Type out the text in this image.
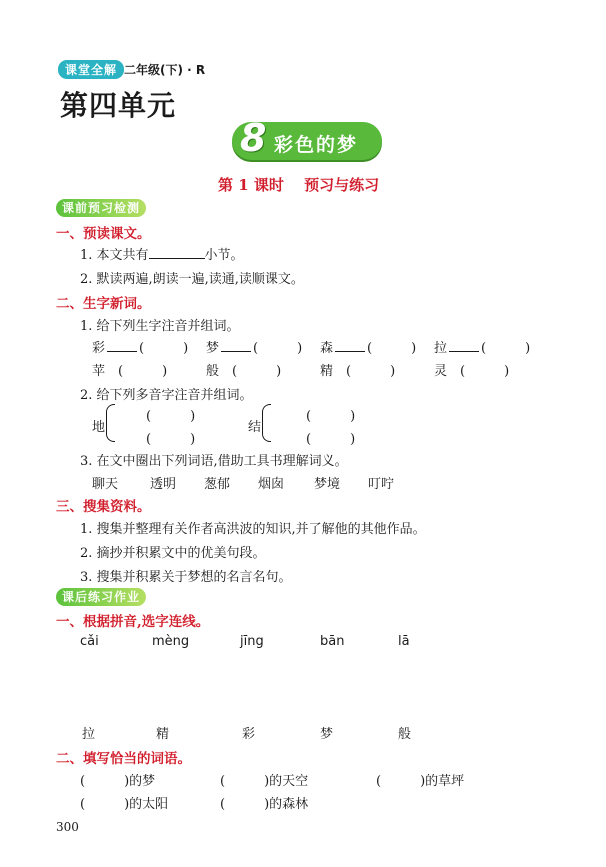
课堂全解 二年级(下) · R
第四单元
8 彩色的梦
第 1 课时 　预习与练习
课前预习检测
一、预读课文。
1. 本文共有	小节。
2. 默读两遍,朗读一遍,读通,读顺课文。
二、生字新词。
1. 给下列生字注音并组词。
彩	(　　　) 梦	(　　　) 森	(　　　) 拉	(　　　)
苹　(　　　)	般　(　　　)	精　(　　　)	灵　(　　　)
2. 给下列多音字注音并组词。
地
(　　　)
(　　　)
结
(　　　)
(　　　)
3. 在文中圈出下列词语,借助工具书理解词义。
聊天 透明 葱郁 烟囱 梦境 叮咛
三、搜集资料。
1. 搜集并整理有关作者高洪波的知识,并了解他的其他作品。
2. 摘抄并积累文中的优美句段。
3. 搜集并积累关于梦想的名言名句。
课后练习作业
一、根据拼音,选字连线。
cǎi	mèng	jīng	bān	lā
拉	精	彩	梦	般
二、填写恰当的词语。
(　　　)的梦	(　　　)的天空	(　　　)的草坪
(　　　)的太阳	(　　　)的森林
300
